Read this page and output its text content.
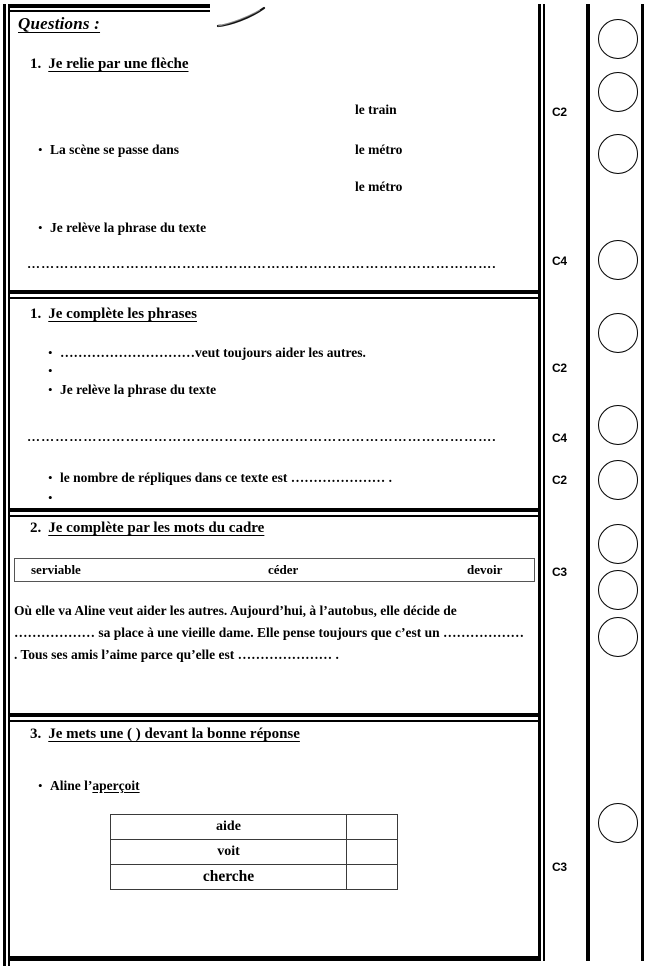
Questions :
1. Je relie par une flèche
le train
le métro
le métro
•
La scène se passe dans
•
Je relève la phrase du texte
……………………………………………………………………………………….
C2
C4
1. Je complète les phrases
•
…………………………veut toujours aider les autres.
•
•
Je relève la phrase du texte
……………………………………………………………………………………….
•
le nombre de répliques dans ce texte est ………………… .
•
C2
C4
C2
2. Je complète par les mots du cadre
serviable	céder	devoir
Où elle va Aline veut aider les autres. Aujourd’hui, à l’autobus, elle décide de ……………… sa place à une vieille dame. Elle pense toujours que c’est un ……………… . Tous ses amis l’aime parce qu’elle est ………………… .
C3
3. Je mets une ( ) devant la bonne réponse
•
Aline l’ aperçoit
aide	
voit	
cherche	
C3
